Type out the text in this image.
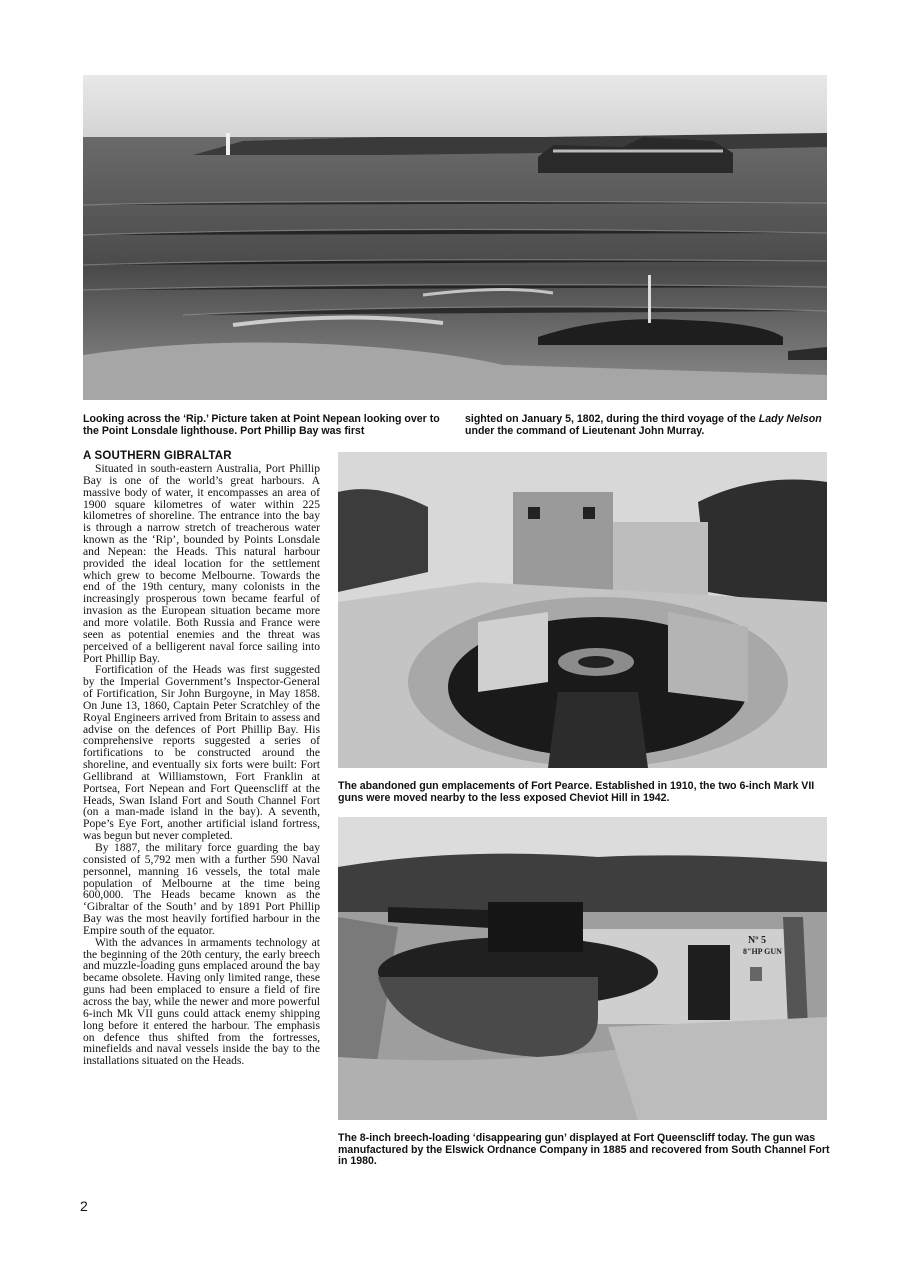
Looking across the ‘Rip.’ Picture taken at Point Nepean looking over to the Point Lonsdale lighthouse. Port Phillip Bay was first
sighted on January 5, 1802, during the third voyage of the Lady Nelson under the command of Lieutenant John Murray.
A SOUTHERN GIBRALTAR

Situated in south-eastern Australia, Port Phillip Bay is one of the world’s great harbours. A massive body of water, it encompasses an area of 1900 square kilometres of water within 225 kilometres of shoreline. The entrance into the bay is through a narrow stretch of treacherous water known as the ‘Rip’, bounded by Points Lonsdale and Nepean: the Heads. This natural harbour provided the ideal location for the settlement which grew to become Melbourne. Towards the end of the 19th century, many colonists in the increasingly prosperous town became fearful of invasion as the European situation became more and more volatile. Both Russia and France were seen as potential enemies and the threat was perceived of a belligerent naval force sailing into Port Phillip Bay.

Fortification of the Heads was first suggested by the Imperial Government’s Inspector-General of Fortification, Sir John Burgoyne, in May 1858. On June 13, 1860, Captain Peter Scratchley of the Royal Engineers arrived from Britain to assess and advise on the defences of Port Phillip Bay. His comprehensive reports suggested a series of fortifications to be constructed around the shoreline, and eventually six forts were built: Fort Gellibrand at Williamstown, Fort Franklin at Portsea, Fort Nepean and Fort Queenscliff at the Heads, Swan Island Fort and South Channel Fort (on a man-made island in the bay). A seventh, Pope’s Eye Fort, another artificial island fortress, was begun but never completed.

By 1887, the military force guarding the bay consisted of 5,792 men with a further 590 Naval personnel, manning 16 vessels, the total male population of Melbourne at the time being 600,000. The Heads became known as the ‘Gibraltar of the South’ and by 1891 Port Phillip Bay was the most heavily fortified harbour in the Empire south of the equator.

With the advances in armaments technology at the beginning of the 20th century, the early breech and muzzle-loading guns emplaced around the bay became obsolete. Having only limited range, these guns had been emplaced to ensure a field of fire across the bay, while the newer and more powerful 6-inch Mk VII guns could attack enemy shipping long before it entered the harbour. The emphasis on defence thus shifted from the fortresses, minefields and naval vessels inside the bay to the installations situated on the Heads.

The abandoned gun emplacements of Fort Pearce. Established in 1910, the two 6-inch Mark VII guns were moved nearby to the less exposed Cheviot Hill in 1942.
Nº 5
8"HP GUN
The 8-inch breech-loading ‘disappearing gun’ displayed at Fort Queenscliff today. The gun was manufactured by the Elswick Ordnance Company in 1885 and recovered from South Channel Fort in 1980.
2
